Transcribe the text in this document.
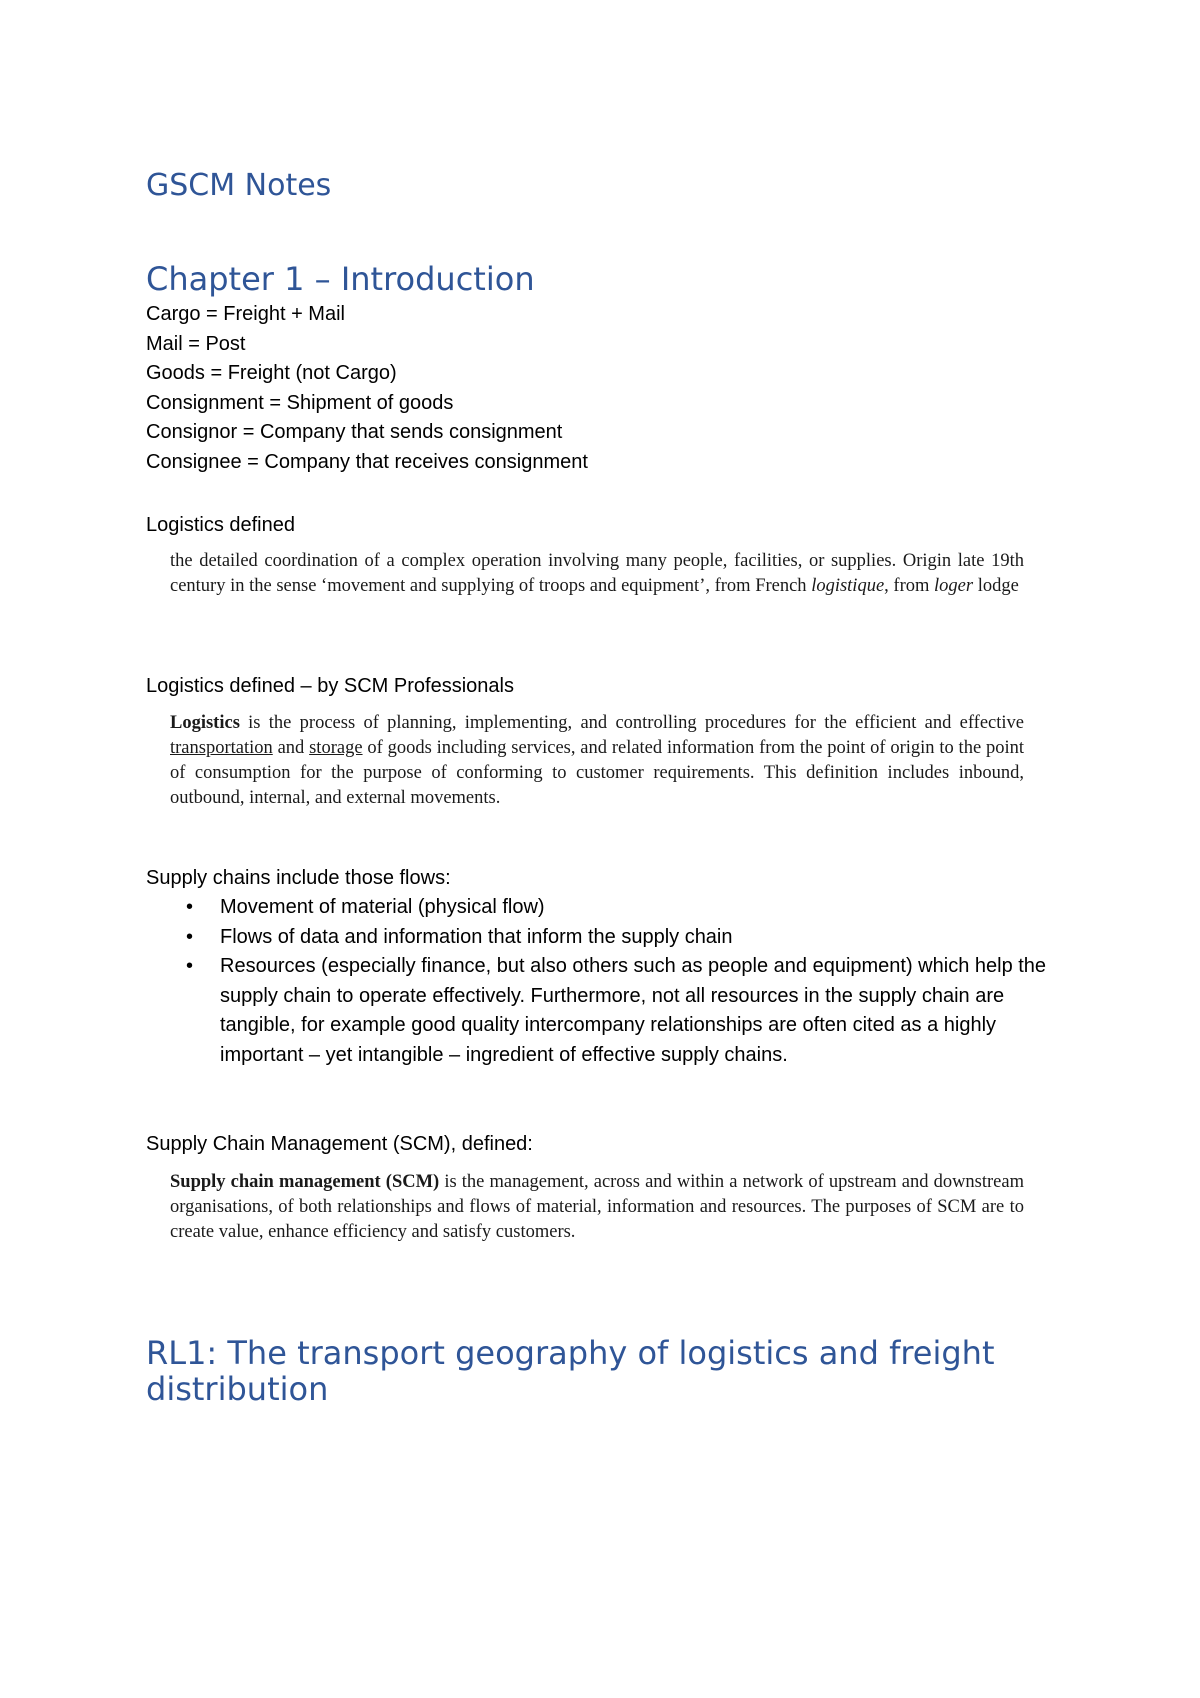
GSCM Notes
Chapter 1 – Introduction
Cargo = Freight + Mail
Mail = Post
Goods = Freight (not Cargo)
Consignment = Shipment of goods
Consignor = Company that sends consignment
Consignee = Company that receives consignment
Logistics defined

the detailed coordination of a complex operation involving many people, facilities, or supplies. Origin late 19th century in the sense ‘movement and supplying of troops and equipment’, from French logistique, from loger lodge

Logistics defined – by SCM Professionals

Logistics is the process of planning, implementing, and controlling procedures for the efficient and effective transportation and storage of goods including services, and related information from the point of origin to the point of consumption for the purpose of conforming to customer requirements. This definition includes inbound, outbound, internal, and external movements.

Supply chains include those flows:
• Movement of material (physical flow)
• Flows of data and information that inform the supply chain
• Resources (especially finance, but also others such as people and equipment) which help the supply chain to operate effectively. Furthermore, not all resources in the supply chain are tangible, for example good quality intercompany relationships are often cited as a highly important – yet intangible – ingredient of effective supply chains.
Supply Chain Management (SCM), defined:

Supply chain management (SCM) is the management, across and within a network of upstream and downstream organisations, of both relationships and flows of material, information and resources. The purposes of SCM are to create value, enhance efficiency and satisfy customers.

RL1: The transport geography of logistics and freight distribution
